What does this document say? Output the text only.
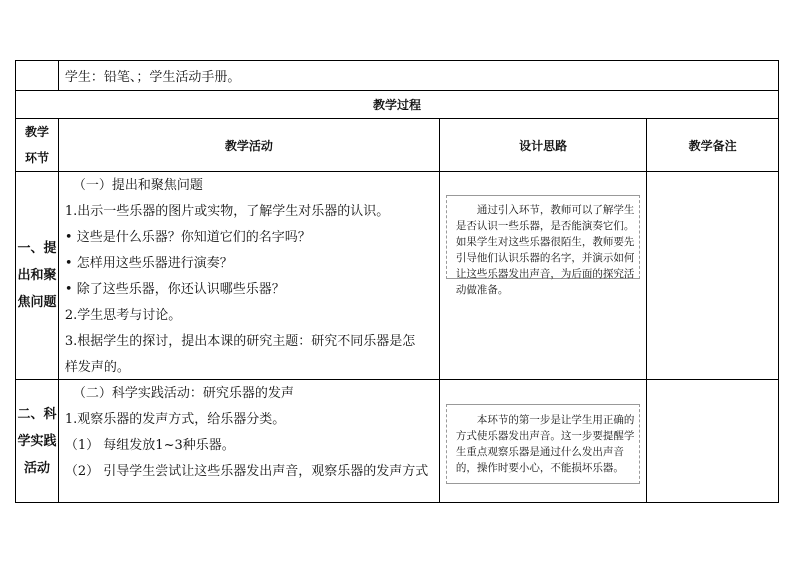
学生：铅笔、；学生活动手册。
教学过程
教学
环节
教学活动	设计思路	教学备注
一、提
出和聚
焦问题
（一）提出和聚焦问题
1.出示一些乐器的图片或实物，了解学生对乐器的认识。
• 这些是什么乐器？你知道它们的名字吗？
• 怎样用这些乐器进行演奏？
• 除了这些乐器，你还认识哪些乐器？
2.学生思考与讨论。
3.根据学生的探讨，提出本课的研究主题：研究不同乐器是怎
样发声的。
通过引入环节，教师可以了解学生是否认识一些乐器，是否能演奏它们。如果学生对这些乐器很陌生，教师要先引导他们认识乐器的名字，并演示如何让这些乐器发出声音，为后面的探究活动做准备。
二、科
学实践
活动
（二）科学实践活动：研究乐器的发声
1.观察乐器的发声方式，给乐器分类。
（1） 每组发放1~3种乐器。
（2） 引导学生尝试让这些乐器发出声音，观察乐器的发声方式
本环节的第一步是让学生用正确的方式使乐器发出声音。这一步要提醒学生重点观察乐器是通过什么发出声音的，操作时要小心，不能损坏乐器。
